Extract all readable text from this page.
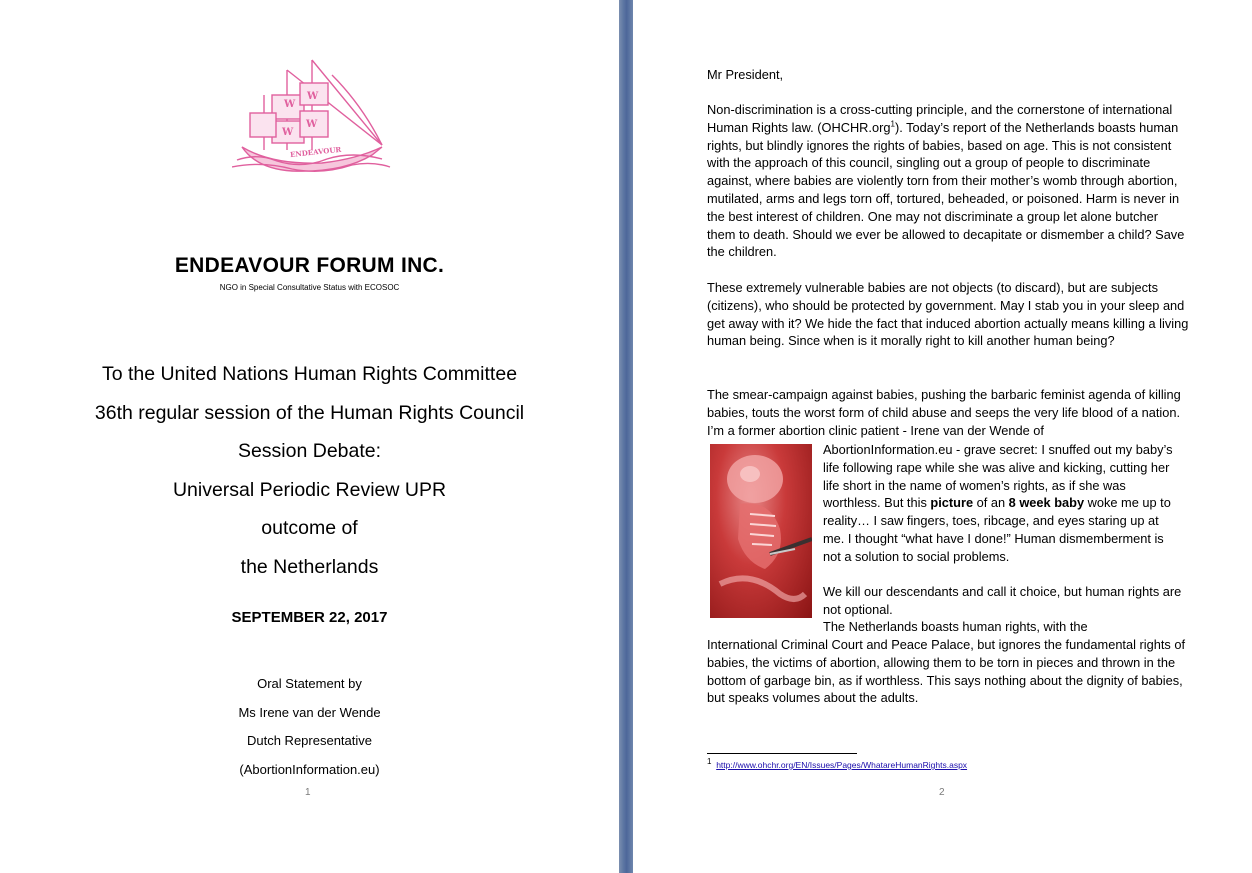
W
W
W
W
ENDEAVOUR
ENDEAVOUR FORUM INC.
NGO in Special Consultative Status with ECOSOC
To the United Nations Human Rights Committee
36th regular session of the Human Rights Council
Session Debate:
Universal Periodic Review UPR
outcome of
the Netherlands
SEPTEMBER 22, 2017
Oral Statement by
Ms Irene van der Wende
Dutch Representative
(AbortionInformation.eu)
1
Mr President,
Non-discrimination is a cross-cutting principle, and the cornerstone of international Human Rights law. (OHCHR.org$^1$). Today’s report of the Netherlands boasts human rights, but blindly ignores the rights of babies, based on age. This is not consistent with the approach of this council, singling out a group of people to discriminate against, where babies are violently torn from their mother’s womb through abortion, mutilated, arms and legs torn off, tortured, beheaded, or poisoned. Harm is never in the best interest of children. One may not discriminate a group let alone butcher them to death. Should we ever be allowed to decapitate or dismember a child? Save the children.
These extremely vulnerable babies are not objects (to discard), but are subjects (citizens), who should be protected by government. May I stab you in your sleep and get away with it? We hide the fact that induced abortion actually means killing a living human being. Since when is it morally right to kill another human being?
The smear-campaign against babies, pushing the barbaric feminist agenda of killing babies, touts the worst form of child abuse and seeps the very life blood of a nation. I’m a former abortion clinic patient - Irene van der Wende of
AbortionInformation.eu - grave secret: I snuffed out my baby’s life following rape while she was alive and kicking, cutting her life short in the name of women’s rights, as if she was worthless. But this picture of an 8 week baby woke me up to reality… I saw fingers, toes, ribcage, and eyes staring up at me. I thought “what have I done!” Human dismemberment is not a solution to social problems.
We kill our descendants and call it choice, but human rights are not optional.
The Netherlands boasts human rights, with the
International Criminal Court and Peace Palace, but ignores the fundamental rights of babies, the victims of abortion, allowing them to be torn in pieces and thrown in the bottom of garbage bin, as if worthless. This says nothing about the dignity of babies, but speaks volumes about the adults.
$^1$ http://www.ohchr.org/EN/Issues/Pages/WhatareHumanRights.aspx
2
